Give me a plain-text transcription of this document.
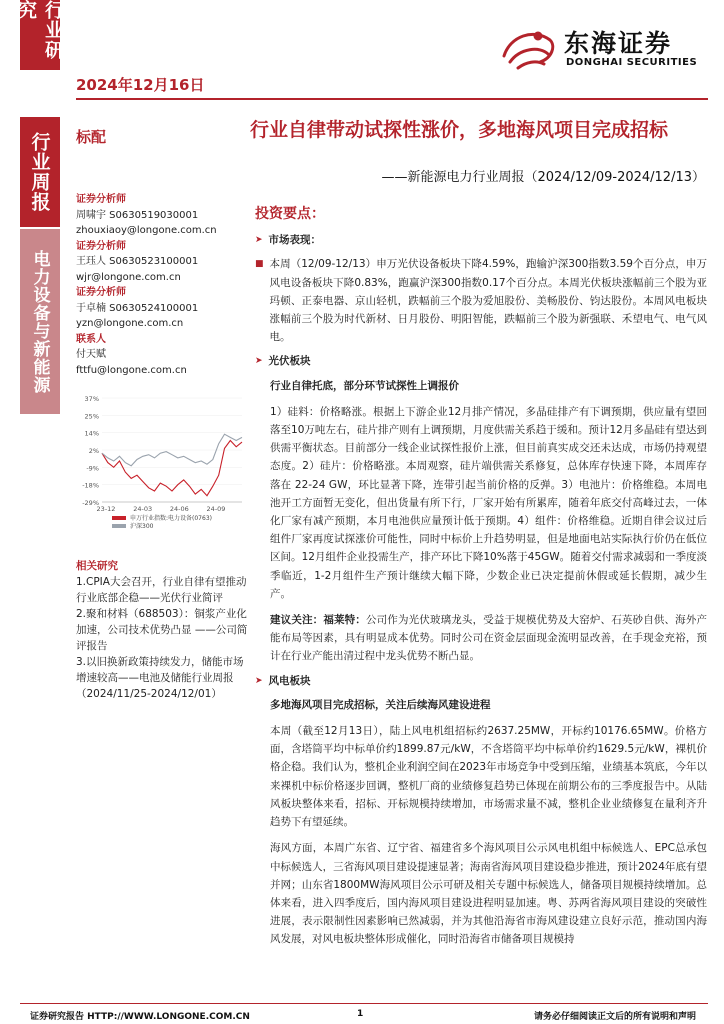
行业研究
行业周报
电力设备与新能源
2024年12月16日
东海证券
DONGHAI SECURITIES
标配	行业自律带动试探性涨价，多地海风项目完成招标
——新能源电力行业周报（2024/12/09-2024/12/13）
证券分析师
周啸宇 S0630519030001
zhouxiaoy@longone.com.cn
证券分析师
王珏人 S0630523100001
wjr@longone.com.cn
证券分析师
于卓楠 S0630524100001
yzn@longone.com.cn
联系人
付天赋
fttfu@longone.com.cn
37%
25%
14%
2%
-9%
-18%
-29%
23-12	24-03	24-06	24-09
申万行业指数:电力设备(0763)
沪深300
相关研究
1.CPIA大会召开，行业自律有望推动行业底部企稳——光伏行业简评
2.聚和材料（688503）：铜浆产业化加速，公司技术优势凸显 ——公司简评报告
3.以旧换新政策持续发力，储能市场增速较高——电池及储能行业周报（2024/11/25-2024/12/01）
投资要点：
➤ 市场表现：
■ 本周（12/09-12/13）申万光伏设备板块下降4.59%，跑输沪深300指数3.59个百分点，申万风电设备板块下降0.83%，跑赢沪深300指数0.17个百分点。本周光伏板块涨幅前三个股为亚玛顿、正泰电器、京山轻机，跌幅前三个股为爱旭股份、美畅股份、钧达股份。本周风电板块涨幅前三个股为时代新材、日月股份、明阳智能，跌幅前三个股为新强联、禾望电气、电气风电。

➤ 光伏板块

行业自律托底，部分环节试探性上调报价

1）硅料：价格略涨。根据上下游企业12月排产情况，多晶硅排产有下调预期，供应量有望回落至10万吨左右，硅片排产则有上调预期，月度供需关系趋于缓和。预计12月多晶硅有望达到供需平衡状态。目前部分一线企业试探性报价上涨，但目前真实成交还未达成，市场仍持观望态度。2）硅片：价格略涨。本周观察，硅片端供需关系修复，总体库存快速下降，本周库存落在 22-24 GW，环比显著下降，连带引起当前价格的反弹。3）电池片：价格维稳。本周电池开工方面暂无变化，但出货量有所下行，厂家开始有所累库，随着年底交付高峰过去，一体化厂家有减产预期，本月电池供应量预计低于预期。4）组件：价格维稳。近期自律会议过后组件厂家再度试探涨价可能性，同时中标价上升趋势明显，但是地面电站实际执行价仍在低位区间。12月组件企业投需生产，排产环比下降10%落于45GW。随着交付需求减弱和一季度淡季临近，1-2月组件生产预计继续大幅下降，少数企业已决定提前休假或延长假期，减少生产。

建议关注：福莱特：公司作为光伏玻璃龙头，受益于规模优势及大窑炉、石英砂自供、海外产能布局等因素，具有明显成本优势。同时公司在资金层面现金流明显改善，在手现金充裕，预计在行业产能出清过程中龙头优势不断凸显。

➤ 风电板块

多地海风项目完成招标，关注后续海风建设进程

本周（截至12月13日），陆上风电机组招标约2637.25MW，开标约10176.65MW。价格方面，含塔筒平均中标单价约1899.87元/kW，不含塔筒平均中标单价约1629.5元/kW，裸机价格企稳。我们认为，整机企业利润空间在2023年市场竞争中受到压缩，业绩基本筑底，今年以来裸机中标价格逐步回调，整机厂商的业绩修复趋势已体现在前期公布的三季度报告中。从陆风板块整体来看，招标、开标规模持续增加，市场需求量不减，整机企业业绩修复在量利齐升趋势下有望延续。

海风方面，本周广东省、辽宁省、福建省多个海风项目公示风电机组中标候选人、EPC总承包中标候选人，三省海风项目建设提速显著；海南省海风项目建设稳步推进，预计2024年底有望并网；山东省1800MW海风项目公示可研及相关专题中标候选人，储备项目规模持续增加。总体来看，进入四季度后，国内海风项目建设进程明显加速。粤、苏两省海风项目建设的突破性进展，表示限制性因素影响已然减弱，并为其他沿海省市海风建设建立良好示范，推动国内海风发展，对风电板块整体形成催化，同时沿海省市储备项目规模持

证券研究报告 HTTP://WWW.LONGONE.COM.CN	1	请务必仔细阅读正文后的所有说明和声明
